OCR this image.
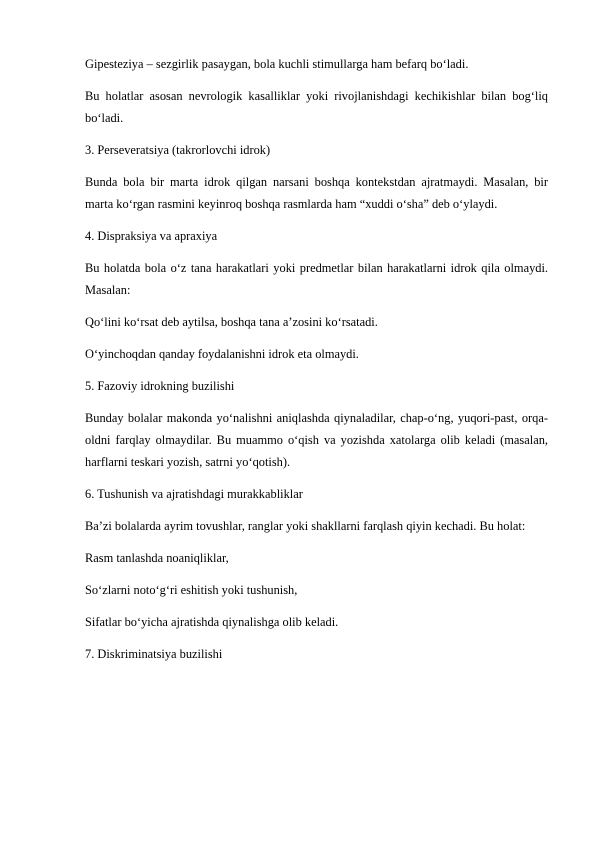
Gipesteziya – sezgirlik pasaygan, bola kuchli stimullarga ham befarq bo‘ladi.

Bu holatlar asosan nevrologik kasalliklar yoki rivojlanishdagi kechikishlar bilan bog‘liq bo‘ladi.

3. Perseveratsiya (takrorlovchi idrok)

Bunda bola bir marta idrok qilgan narsani boshqa kontekstdan ajratmaydi. Masalan, bir marta ko‘rgan rasmini keyinroq boshqa rasmlarda ham “xuddi o‘sha” deb o‘ylaydi.

4. Dispraksiya va apraxiya

Bu holatda bola o‘z tana harakatlari yoki predmetlar bilan harakatlarni idrok qila olmaydi. Masalan:

Qo‘lini ko‘rsat deb aytilsa, boshqa tana a’zosini ko‘rsatadi.

O‘yinchoqdan qanday foydalanishni idrok eta olmaydi.

5. Fazoviy idrokning buzilishi

Bunday bolalar makonda yo‘nalishni aniqlashda qiynaladilar, chap-o‘ng, yuqori-past, orqa-oldni farqlay olmaydilar. Bu muammo o‘qish va yozishda xatolarga olib keladi (masalan, harflarni teskari yozish, satrni yo‘qotish).

6. Tushunish va ajratishdagi murakkabliklar

Ba’zi bolalarda ayrim tovushlar, ranglar yoki shakllarni farqlash qiyin kechadi. Bu holat:

Rasm tanlashda noaniqliklar,

So‘zlarni noto‘g‘ri eshitish yoki tushunish,

Sifatlar bo‘yicha ajratishda qiynalishga olib keladi.

7. Diskriminatsiya buzilishi
